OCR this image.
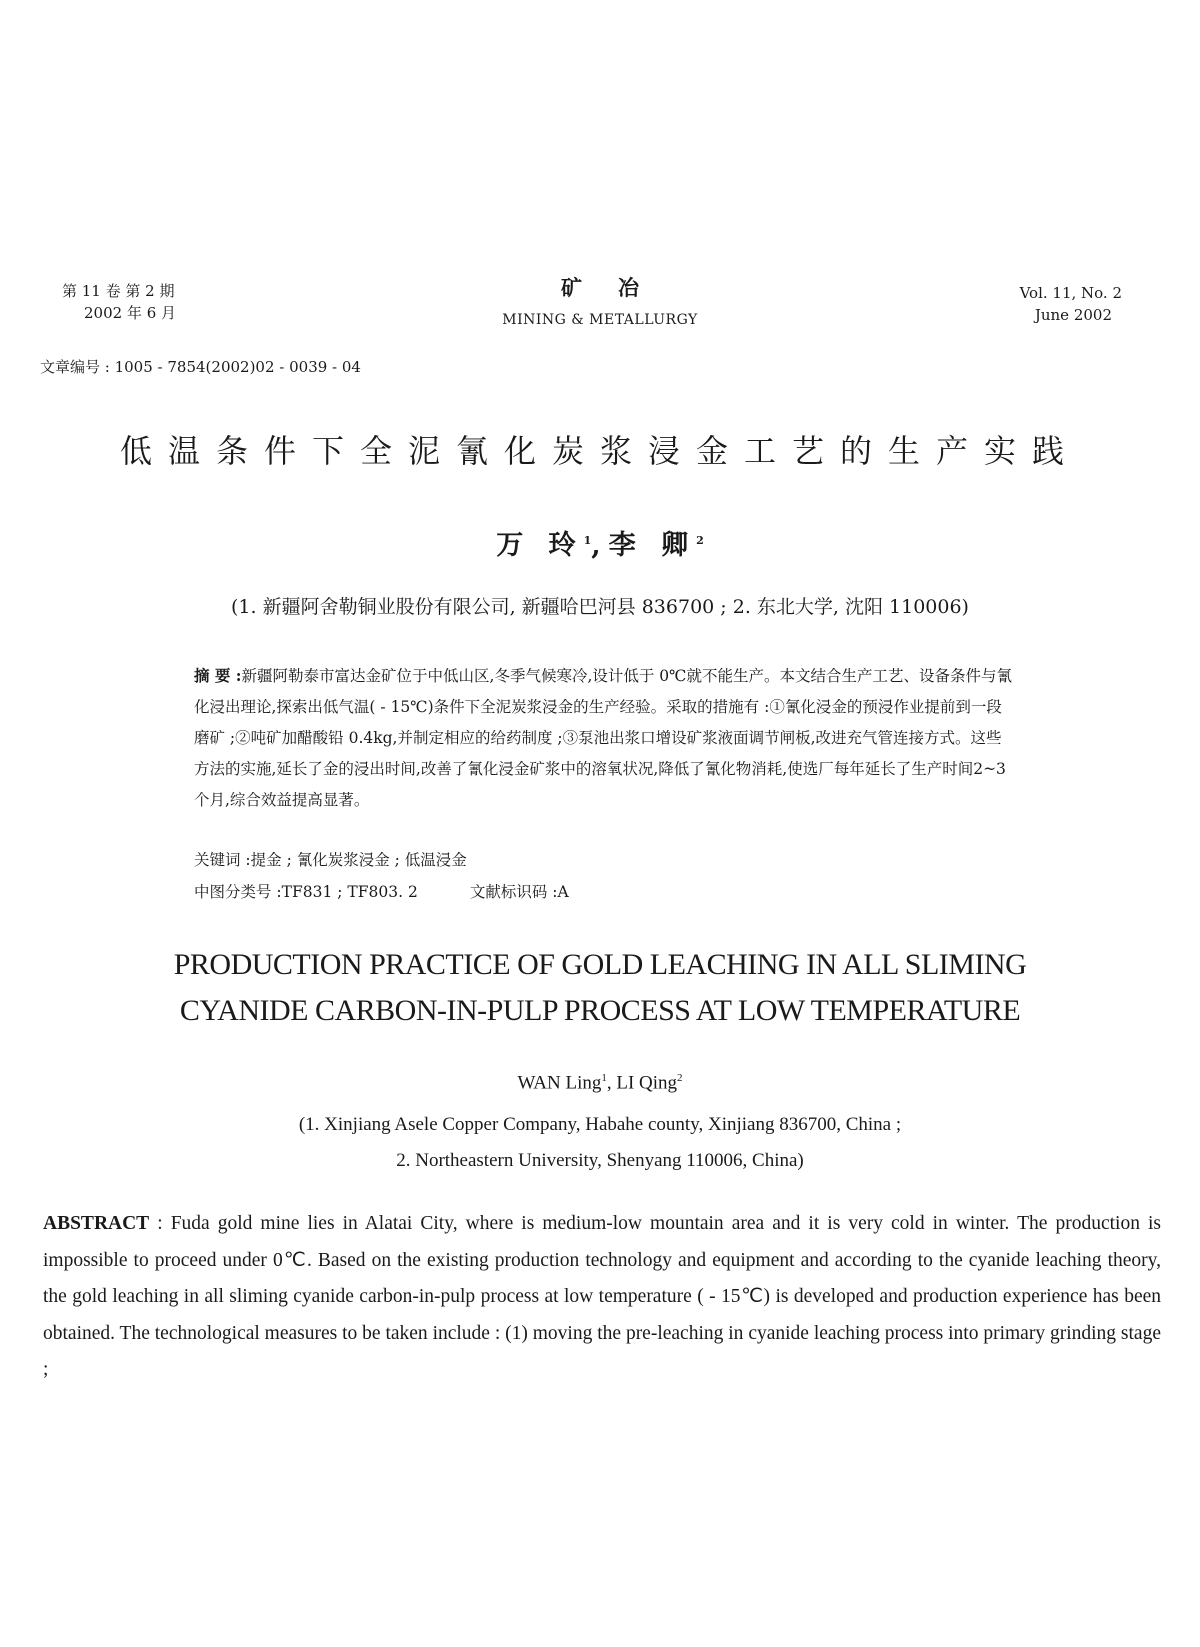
第 11 卷 第 2 期
2002 年 6 月
矿冶
MINING & METALLURGY
Vol. 11, No. 2
June 2002
文章编号 : 1005 - 7854(2002)02 - 0039 - 04
低温条件下全泥氰化炭浆浸金工艺的生产实践
万 玲$^1$,李 卿$^2$
(1. 新疆阿舍勒铜业股份有限公司, 新疆哈巴河县 836700 ; 2. 东北大学, 沈阳 110006)
摘 要 :新疆阿勒泰市富达金矿位于中低山区,冬季气候寒冷,设计低于 0℃就不能生产。本文结合生产工艺、设备条件与氰化浸出理论,探索出低气温( - 15℃)条件下全泥炭浆浸金的生产经验。采取的措施有 :①氰化浸金的预浸作业提前到一段磨矿 ;②吨矿加醋酸铅 0.4kg,并制定相应的给药制度 ;③泵池出浆口增设矿浆液面调节闸板,改进充气管连接方式。这些方法的实施,延长了金的浸出时间,改善了氰化浸金矿浆中的溶氧状况,降低了氰化物消耗,使选厂每年延长了生产时间2~3 个月,综合效益提高显著。
关键词 :提金 ; 氰化炭浆浸金 ; 低温浸金
中图分类号 :TF831 ; TF803. 2	文献标识码 :A
PRODUCTION PRACTICE OF GOLD LEACHING IN ALL SLIMING
CYANIDE CARBON-IN-PULP PROCESS AT LOW TEMPERATURE
WAN Ling$^1$, LI Qing$^2$
(1. Xinjiang Asele Copper Company, Habahe county, Xinjiang 836700, China ;
2. Northeastern University, Shenyang 110006, China)
ABSTRACT : Fuda gold mine lies in Alatai City, where is medium-low mountain area and it is very cold in winter. The production is impossible to proceed under 0℃. Based on the existing production technology and equipment and according to the cyanide leaching theory, the gold leaching in all sliming cyanide carbon-in-pulp process at low temperature ( - 15℃) is developed and production experience has been obtained. The technological measures to be taken include : (1) moving the pre-leaching in cyanide leaching process into primary grinding stage ;
